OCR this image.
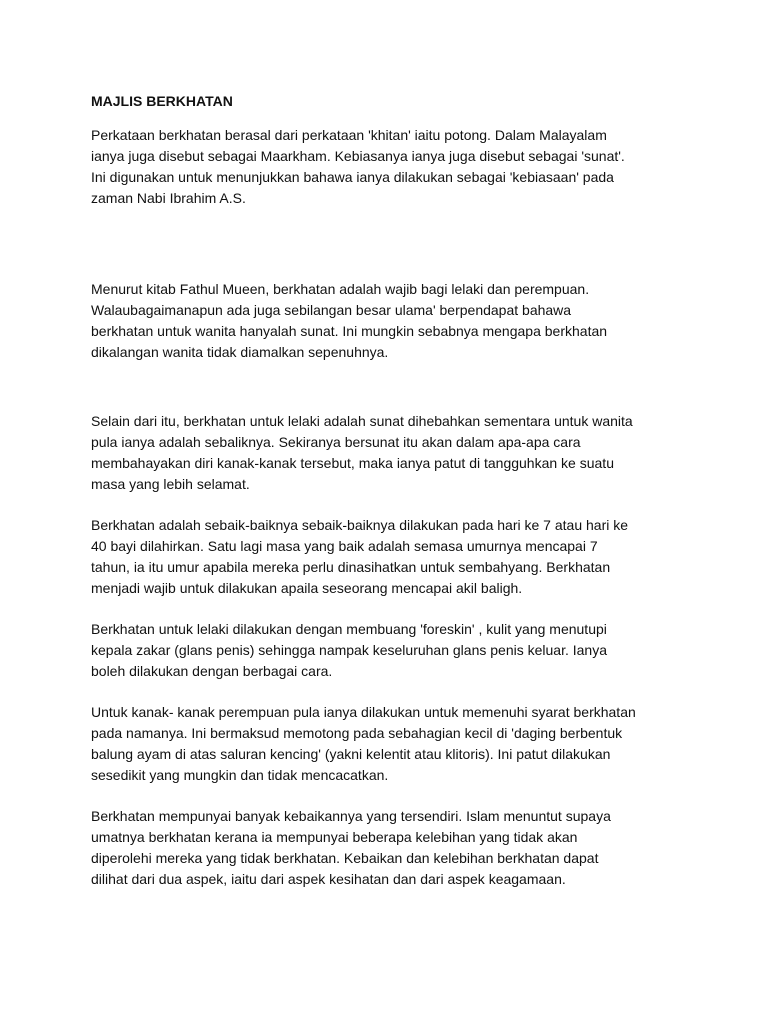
MAJLIS BERKHATAN

Perkataan berkhatan berasal dari perkataan 'khitan' iaitu potong. Dalam Malayalam
ianya juga disebut sebagai Maarkham. Kebiasanya ianya juga disebut sebagai 'sunat'.
Ini digunakan untuk menunjukkan bahawa ianya dilakukan sebagai 'kebiasaan' pada
zaman Nabi Ibrahim A.S.

Menurut kitab Fathul Mueen, berkhatan adalah wajib bagi lelaki dan perempuan.
Walaubagaimanapun ada juga sebilangan besar ulama' berpendapat bahawa
berkhatan untuk wanita hanyalah sunat. Ini mungkin sebabnya mengapa berkhatan
dikalangan wanita tidak diamalkan sepenuhnya.

Selain dari itu, berkhatan untuk lelaki adalah sunat dihebahkan sementara untuk wanita
pula ianya adalah sebaliknya. Sekiranya bersunat itu akan dalam apa-apa cara
membahayakan diri kanak-kanak tersebut, maka ianya patut di tangguhkan ke suatu
masa yang lebih selamat.

Berkhatan adalah sebaik-baiknya sebaik-baiknya dilakukan pada hari ke 7 atau hari ke
40 bayi dilahirkan. Satu lagi masa yang baik adalah semasa umurnya mencapai 7
tahun, ia itu umur apabila mereka perlu dinasihatkan untuk sembahyang. Berkhatan
menjadi wajib untuk dilakukan apaila seseorang mencapai akil baligh.

Berkhatan untuk lelaki dilakukan dengan membuang 'foreskin' , kulit yang menutupi
kepala zakar (glans penis) sehingga nampak keseluruhan glans penis keluar. Ianya
boleh dilakukan dengan berbagai cara.

Untuk kanak- kanak perempuan pula ianya dilakukan untuk memenuhi syarat berkhatan
pada namanya. Ini bermaksud memotong pada sebahagian kecil di 'daging berbentuk
balung ayam di atas saluran kencing' (yakni kelentit atau klitoris). Ini patut dilakukan
sesedikit yang mungkin dan tidak mencacatkan.

Berkhatan mempunyai banyak kebaikannya yang tersendiri. Islam menuntut supaya
umatnya berkhatan kerana ia mempunyai beberapa kelebihan yang tidak akan
diperolehi mereka yang tidak berkhatan. Kebaikan dan kelebihan berkhatan dapat
dilihat dari dua aspek, iaitu dari aspek kesihatan dan dari aspek keagamaan.
